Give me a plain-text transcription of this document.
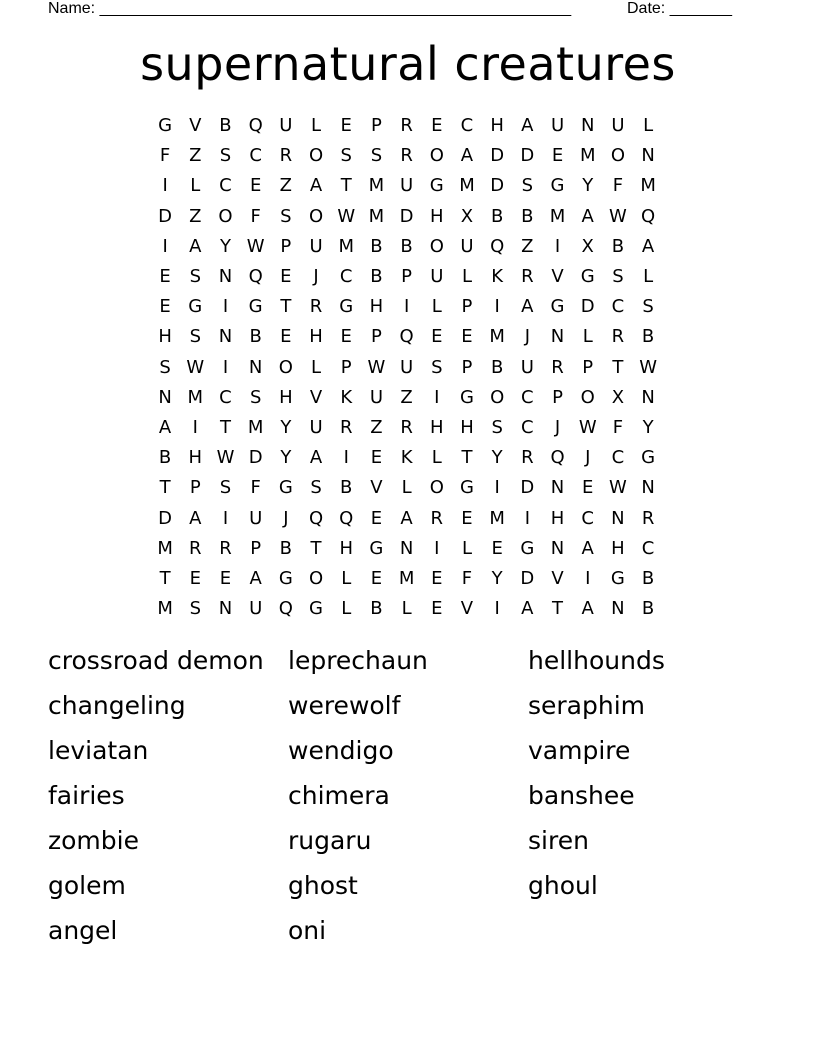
Name: _____________________________________________________

	Date: _______

supernatural creatures
G V B Q U	L	E	P	R	E	C H A U N U	L
F	Z	S	C R O S	S	R O A D D E M O N
I	L	C	E	Z A	T M U G M D S G Y	F M
D Z O F	S O W M D H X B B M A W Q
I	A	Y W P	U M B B O U Q Z	I	X B A
E	S N Q E	J	C B	P	U	L	K	R V G S	L
E G	I	G T	R G H	I	L	P	I	A G D C	S
H S N B	E H E	P Q E	E M	J	N	L	R B
S W	I	N O	L	P W U S	P	B U R	P	T W
N M C	S H V	K U Z	I	G O C	P O X N
A	I	T M Y	U R Z R H H S	C	J	W F	Y
B H W D Y	A	I	E	K	L	T	Y	R Q	J	C G
T	P	S	F	G S	B V	L	O G	I	D N E W N
D A	I	U	J	Q Q E	A R	E M	I	H C N R
M R R	P	B	T H G N	I	L	E G N A H C
T	E	E	A G O	L	E M E	F	Y D V	I	G B
M S N U Q G	L	B	L	E	V	I	A	T	A N B
crossroad demon
changeling
leviatan
fairies
zombie
golem
angel
leprechaun
werewolf
wendigo
chimera
rugaru
ghost
oni
hellhounds
seraphim
vampire
banshee
siren
ghoul
